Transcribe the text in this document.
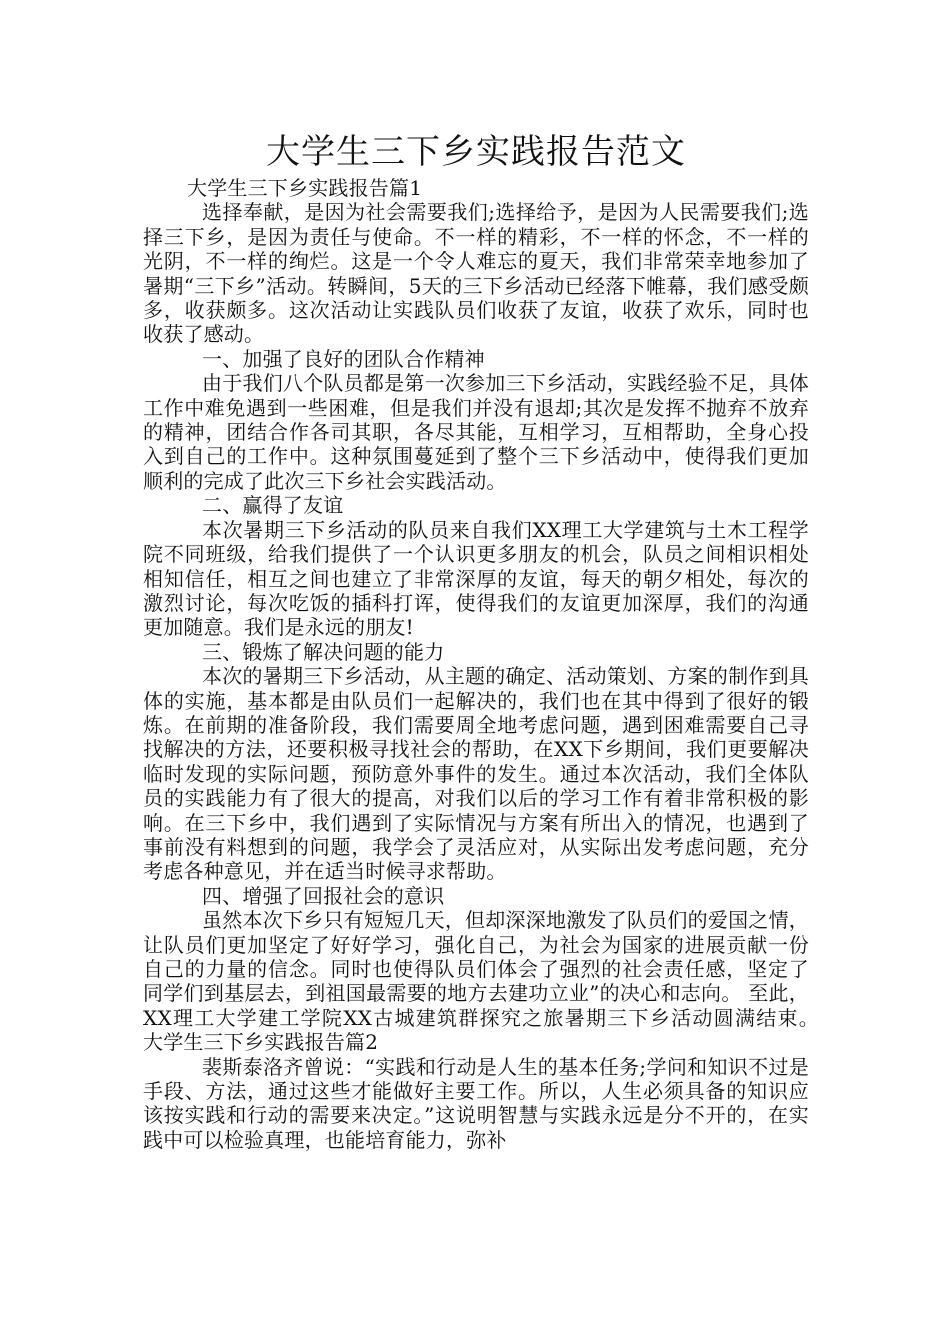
大学生三下乡实践报告范文

大学生三下乡实践报告篇1

选择奉献，是因为社会需要我们;选择给予，是因为人民需要我们;选择三下乡，是因为责任与使命。不一样的精彩，不一样的怀念，不一样的光阴，不一样的绚烂。这是一个令人难忘的夏天，我们非常荣幸地参加了暑期“三下乡”活动。转瞬间，5天的三下乡活动已经落下帷幕，我们感受颇多，收获颇多。这次活动让实践队员们收获了友谊，收获了欢乐，同时也收获了感动。

一、加强了良好的团队合作精神

由于我们八个队员都是第一次参加三下乡活动，实践经验不足，具体工作中难免遇到一些困难，但是我们并没有退却;其次是发挥不抛弃不放弃的精神，团结合作各司其职，各尽其能，互相学习，互相帮助，全身心投入到自己的工作中。这种氛围蔓延到了整个三下乡活动中，使得我们更加顺利的完成了此次三下乡社会实践活动。

二、赢得了友谊

本次暑期三下乡活动的队员来自我们XX理工大学建筑与土木工程学院不同班级，给我们提供了一个认识更多朋友的机会，队员之间相识相处相知信任，相互之间也建立了非常深厚的友谊，每天的朝夕相处，每次的激烈讨论，每次吃饭的插科打诨，使得我们的友谊更加深厚，我们的沟通更加随意。我们是永远的朋友!

三、锻炼了解决问题的能力

本次的暑期三下乡活动，从主题的确定、活动策划、方案的制作到具体的实施，基本都是由队员们一起解决的，我们也在其中得到了很好的锻炼。在前期的准备阶段，我们需要周全地考虑问题，遇到困难需要自己寻找解决的方法，还要积极寻找社会的帮助，在XX下乡期间，我们更要解决临时发现的实际问题，预防意外事件的发生。通过本次活动，我们全体队员的实践能力有了很大的提高，对我们以后的学习工作有着非常积极的影响。在三下乡中，我们遇到了实际情况与方案有所出入的情况，也遇到了事前没有料想到的问题，我学会了灵活应对，从实际出发考虑问题，充分考虑各种意见，并在适当时候寻求帮助。

四、增强了回报社会的意识

虽然本次下乡只有短短几天，但却深深地激发了队员们的爱国之情，让队员们更加坚定了好好学习，强化自己，为社会为国家的进展贡献一份自己的力量的信念。同时也使得队员们体会了强烈的社会责任感，坚定了同学们到基层去，到祖国最需要的地方去建功立业”的决心和志向。 至此，XX理工大学建工学院XX古城建筑群探究之旅暑期三下乡活动圆满结束。　　　大学生三下乡实践报告篇2

裴斯泰洛齐曾说：“实践和行动是人生的基本任务;学问和知识不过是手段、方法，通过这些才能做好主要工作。所以，人生必须具备的知识应该按实践和行动的需要来决定。”这说明智慧与实践永远是分不开的，在实践中可以检验真理，也能培育能力，弥补
